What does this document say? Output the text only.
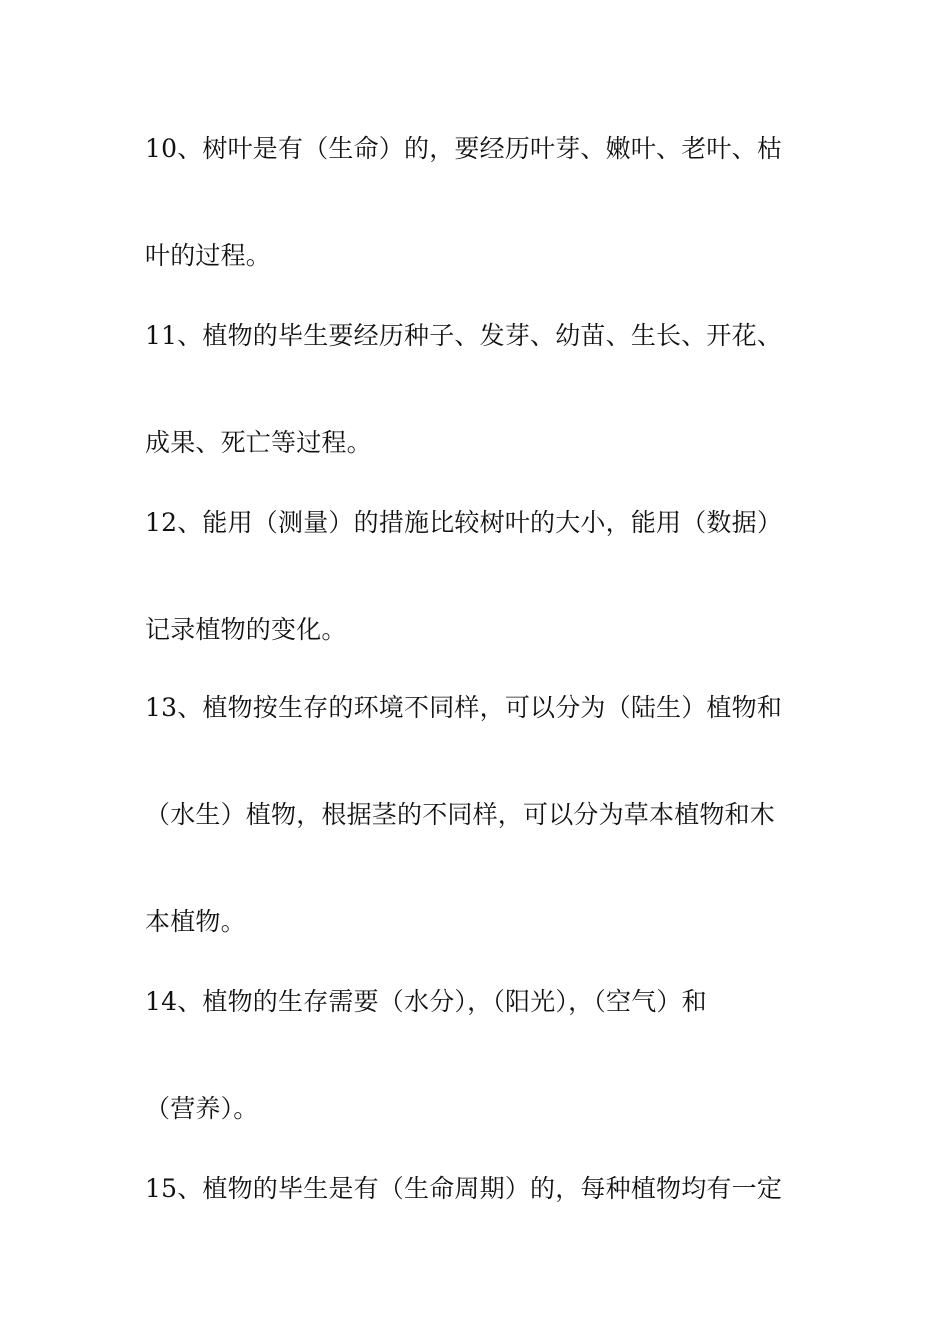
10、树叶是有（生命）的，要经历叶芽、嫩叶、老叶、枯
叶的过程。
11、植物的毕生要经历种子、发芽、幼苗、生长、开花、
成果、死亡等过程。
12、能用（测量）的措施比较树叶的大小，能用（数据）
记录植物的变化。
13、植物按生存的环境不同样，可以分为（陆生）植物和
（水生）植物，根据茎的不同样，可以分为草本植物和木
本植物。
14、植物的生存需要（水分），（阳光），（空气）和
（营养）。
15、植物的毕生是有（生命周期）的，每种植物均有一定
